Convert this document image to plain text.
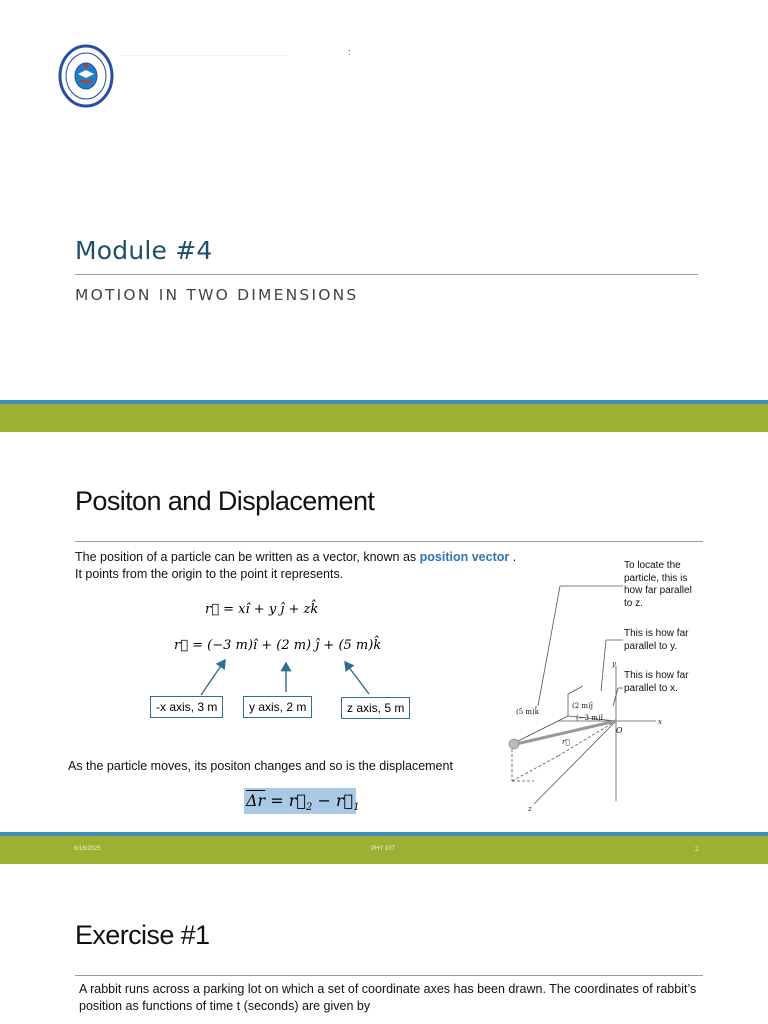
————————————————————————	:
Module #4
MOTION IN TWO DIMENSIONS
Positon and Displacement
The position of a particle can be written as a vector, known as position vector .
It points from the origin to the point it represents.
r⃗ = xî + y ĵ + zk̂
r⃗ = (−3 m)î + (2 m) ĵ + (5 m)k̂
-x axis, 3 m	y axis, 2 m	z axis, 5 m
As the particle moves, its positon changes and so is the displacement
$\overline{\Delta r}$ = $r⃗_2$ − $r⃗_1$
(5 m)k̂
(2 m)ĵ
(−3 m)î
O
y
x
z
r⃗
To locate the particle, this is how far parallel to z.
This is how far parallel to y.
This is how far parallel to x.
6/16/2025	PHY 107	2
Exercise #1
A rabbit runs across a parking lot on which a set of coordinate axes has been drawn. The coordinates of rabbit’s position as functions of time t (seconds) are given by
